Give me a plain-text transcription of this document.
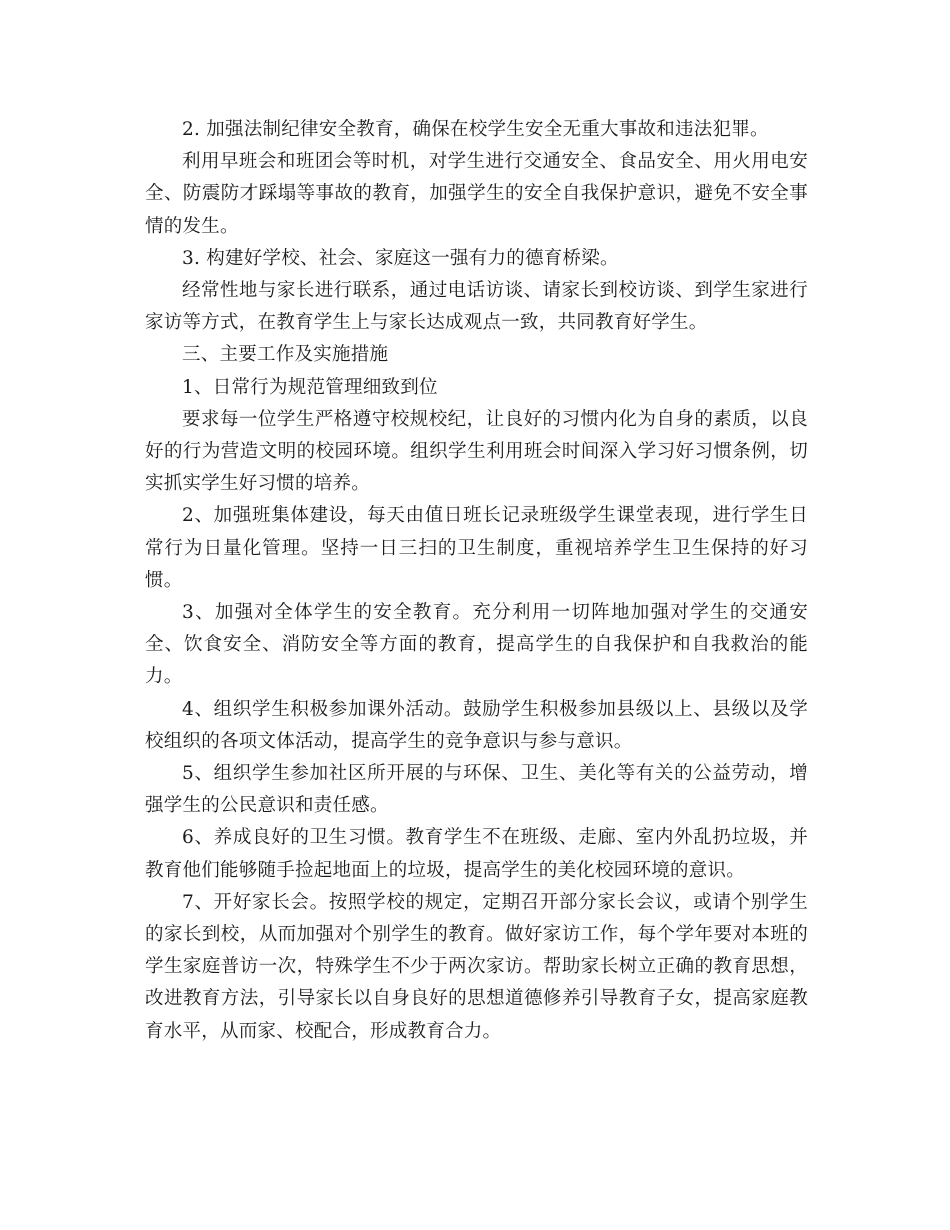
2. 加强法制纪律安全教育，确保在校学生安全无重大事故和违法犯罪。

利用早班会和班团会等时机，对学生进行交通安全、食品安全、用火用电安全、防震防才踩塌等事故的教育，加强学生的安全自我保护意识，避免不安全事情的发生。

3. 构建好学校、社会、家庭这一强有力的德育桥梁。

经常性地与家长进行联系，通过电话访谈、请家长到校访谈、到学生家进行家访等方式，在教育学生上与家长达成观点一致，共同教育好学生。

三、主要工作及实施措施

1、日常行为规范管理细致到位

要求每一位学生严格遵守校规校纪，让良好的习惯内化为自身的素质，以良好的行为营造文明的校园环境。组织学生利用班会时间深入学习好习惯条例，切实抓实学生好习惯的培养。

2、加强班集体建设，每天由值日班长记录班级学生课堂表现，进行学生日常行为日量化管理。坚持一日三扫的卫生制度，重视培养学生卫生保持的好习惯。

3、加强对全体学生的安全教育。充分利用一切阵地加强对学生的交通安全、饮食安全、消防安全等方面的教育，提高学生的自我保护和自我救治的能力。

4、组织学生积极参加课外活动。鼓励学生积极参加县级以上、县级以及学校组织的各项文体活动，提高学生的竞争意识与参与意识。

5、组织学生参加社区所开展的与环保、卫生、美化等有关的公益劳动，增强学生的公民意识和责任感。

6、养成良好的卫生习惯。教育学生不在班级、走廊、室内外乱扔垃圾，并教育他们能够随手捡起地面上的垃圾，提高学生的美化校园环境的意识。

7、开好家长会。按照学校的规定，定期召开部分家长会议，或请个别学生的家长到校，从而加强对个别学生的教育。做好家访工作，每个学年要对本班的学生家庭普访一次，特殊学生不少于两次家访。帮助家长树立正确的教育思想，改进教育方法，引导家长以自身良好的思想道德修养引导教育子女，提高家庭教育水平，从而家、校配合，形成教育合力。
